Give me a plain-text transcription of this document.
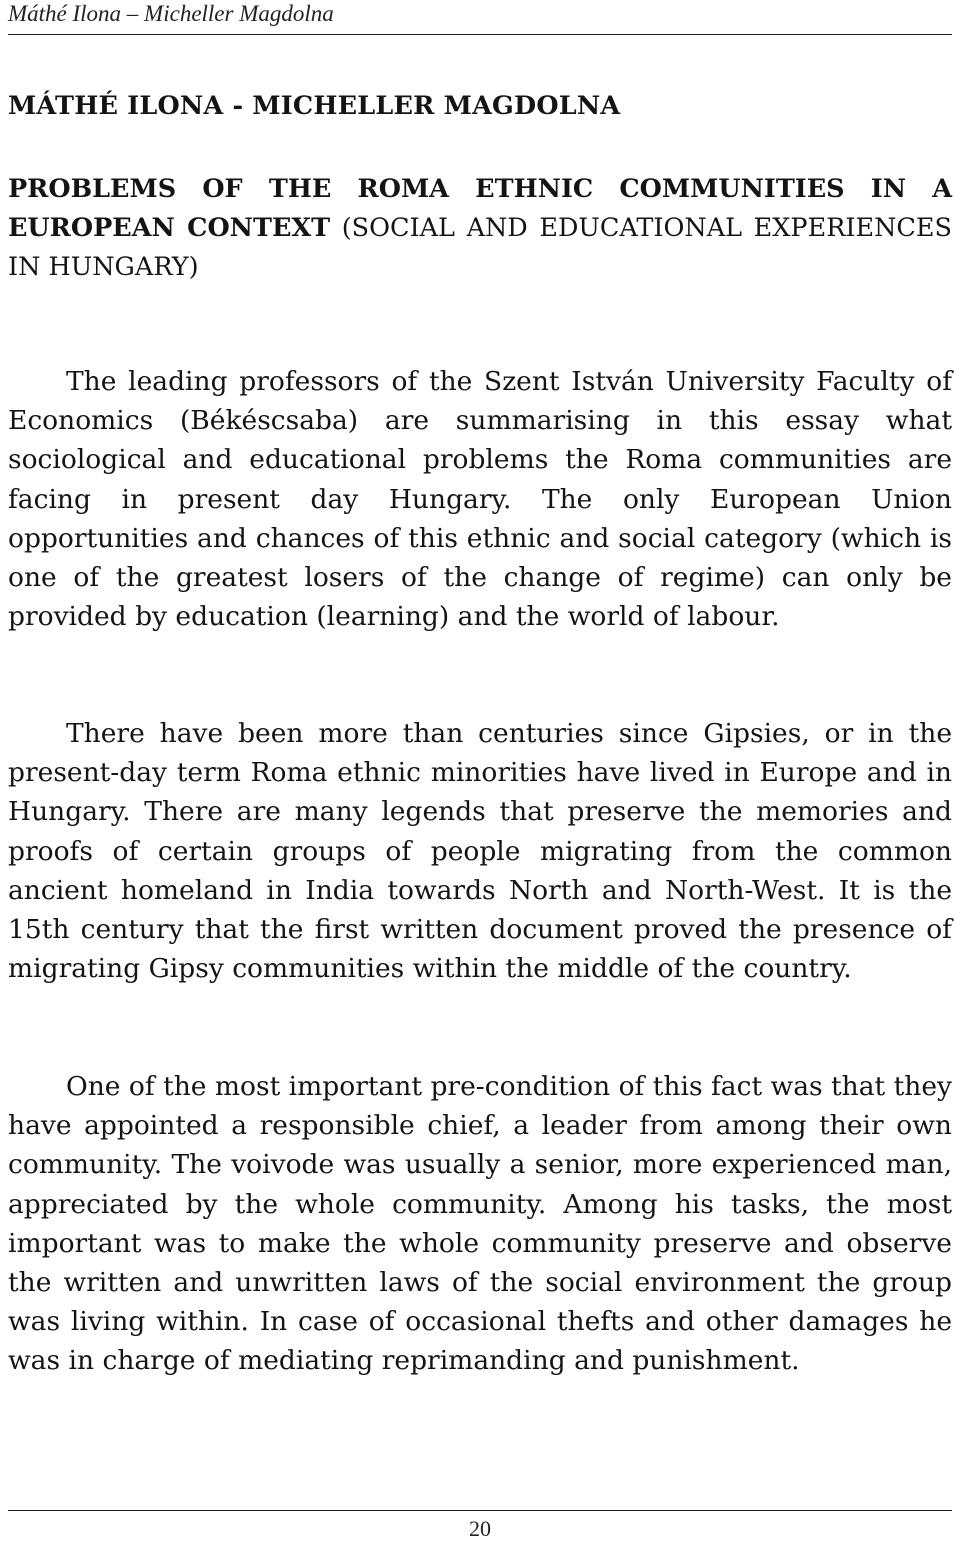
Máthé Ilona – Micheller Magdolna
MÁTHÉ ILONA - MICHELLER MAGDOLNA
PROBLEMS OF THE ROMA ETHNIC COMMUNITIES IN A EUROPEAN CONTEXT (SOCIAL AND EDUCATIONAL EXPERIENCES IN HUNGARY)

The leading professors of the Szent István University Faculty of Economics (Békéscsaba) are summarising in this essay what sociological and educational problems the Roma communities are facing in present day Hungary. The only European Union opportunities and chances of this ethnic and social category (which is one of the greatest losers of the change of regime) can only be provided by education (learning) and the world of labour.

There have been more than centuries since Gipsies, or in the present-day term Roma ethnic minorities have lived in Europe and in Hungary. There are many legends that preserve the memories and proofs of certain groups of people migrating from the common ancient homeland in India towards North and North-West. It is the 15th century that the first written document proved the presence of migrating Gipsy communities within the middle of the country.

One of the most important pre-condition of this fact was that they have appointed a responsible chief, a leader from among their own community. The voivode was usually a senior, more experienced man, appreciated by the whole community. Among his tasks, the most important was to make the whole community preserve and observe the written and unwritten laws of the social environment the group was living within. In case of occasional thefts and other damages he was in charge of mediating reprimanding and punishment.

20
